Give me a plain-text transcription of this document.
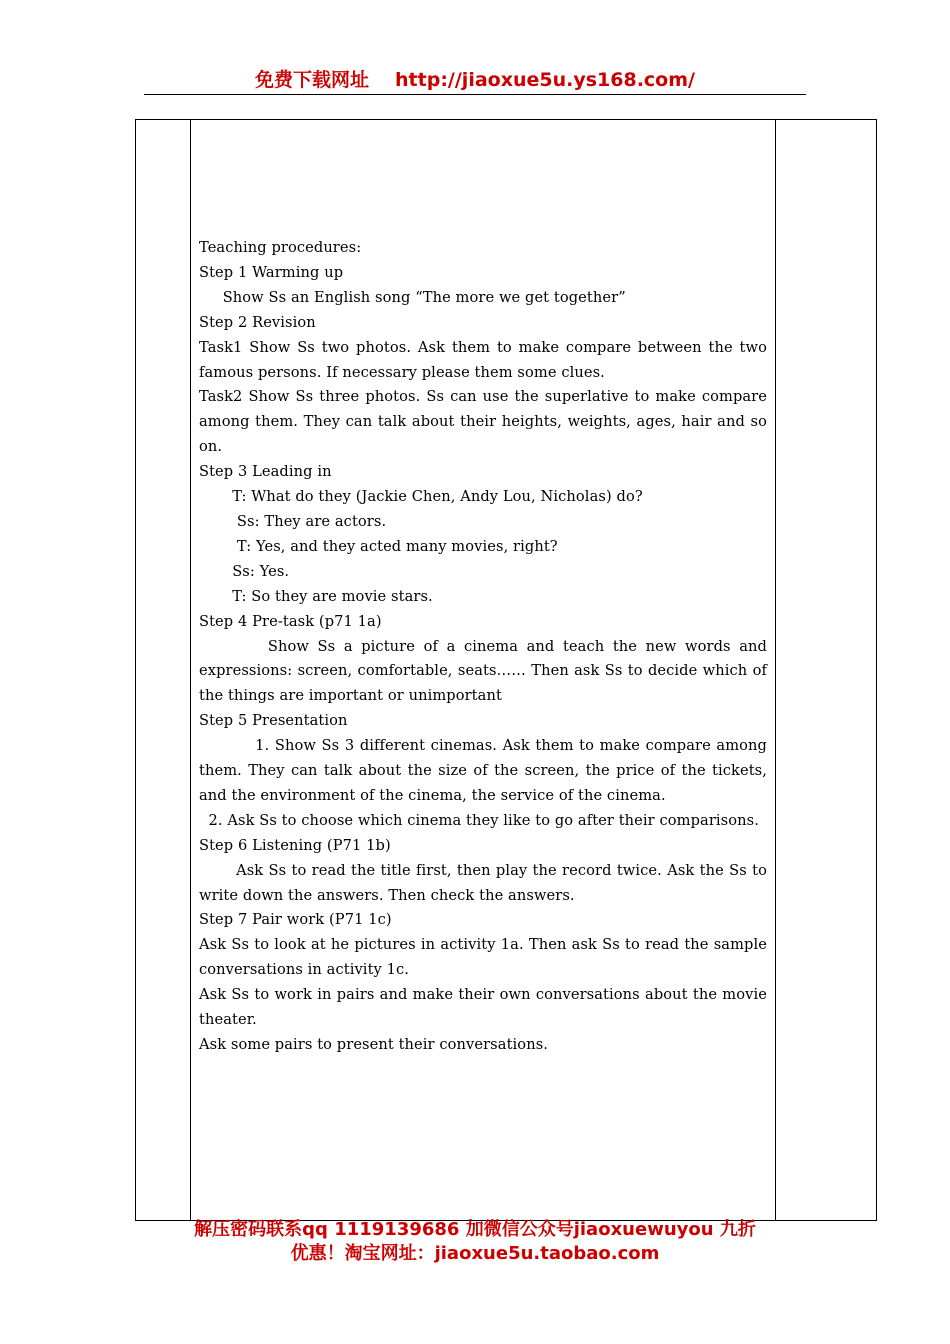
免费下载网址 http://jiaoxue5u.ys168.com/

Teaching procedures:

Step 1 Warming up

Show Ss an English song “The more we get together”

Step 2 Revision

Task1 Show Ss two photos. Ask them to make compare between the two famous persons. If necessary please them some clues.

Task2 Show Ss three photos. Ss can use the superlative to make compare among them. They can talk about their heights, weights, ages, hair and so on.

Step 3 Leading in

T: What do they (Jackie Chen, Andy Lou, Nicholas) do?

Ss: They are actors.

T: Yes, and they acted many movies, right?

Ss: Yes.

T: So they are movie stars.

Step 4 Pre-task (p71 1a)

Show Ss a picture of a cinema and teach the new words and expressions: screen, comfortable, seats…… Then ask Ss to decide which of the things are important or unimportant

Step 5 Presentation

1. Show Ss 3 different cinemas. Ask them to make compare among them. They can talk about the size of the screen, the price of the tickets, and the environment of the cinema, the service of the cinema.

2. Ask Ss to choose which cinema they like to go after their comparisons.

Step 6 Listening (P71 1b)

Ask Ss to read the title first, then play the record twice. Ask the Ss to write down the answers. Then check the answers.

Step 7 Pair work (P71 1c)

Ask Ss to look at he pictures in activity 1a. Then ask Ss to read the sample conversations in activity 1c.

Ask Ss to work in pairs and make their own conversations about the movie theater.

Ask some pairs to present their conversations.

解压密码联系qq 1119139686 加微信公众号jiaoxuewuyou 九折
优惠！淘宝网址：jiaoxue5u.taobao.com
